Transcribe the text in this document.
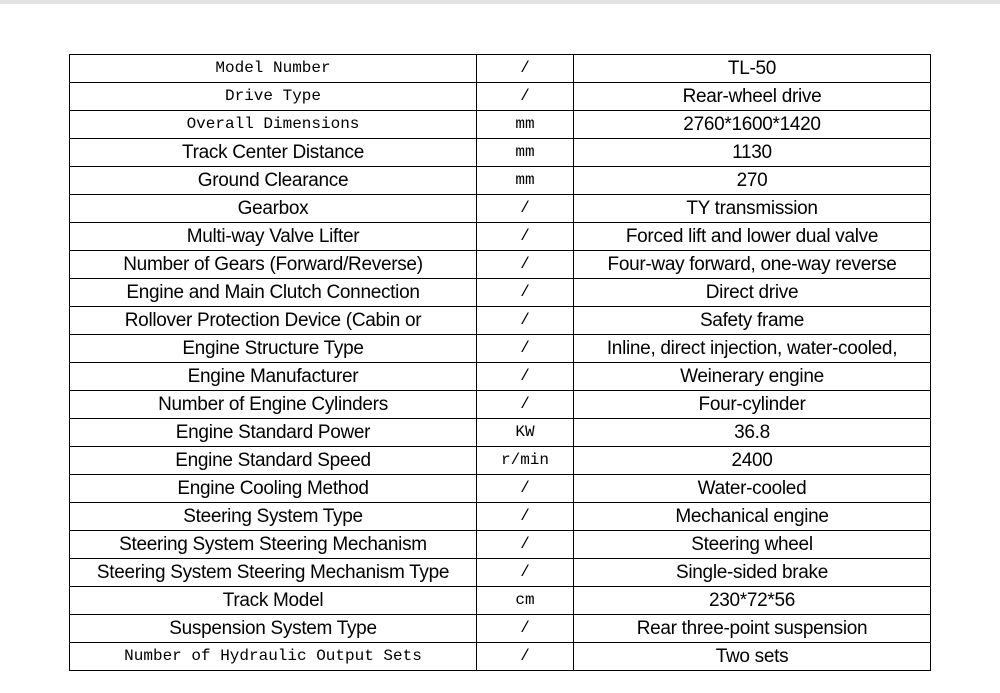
Model Number	/	TL-50
Drive Type	/	Rear-wheel drive
Overall Dimensions	mm	2760*1600*1420
Track Center Distance	mm	1130
Ground Clearance	mm	270
Gearbox	/	TY transmission
Multi-way Valve Lifter	/	Forced lift and lower dual valve
Number of Gears (Forward/Reverse)	/	Four-way forward, one-way reverse
Engine and Main Clutch Connection	/	Direct drive
Rollover Protection Device (Cabin or	/	Safety frame
Engine Structure Type	/	Inline, direct injection, water-cooled,
Engine Manufacturer	/	Weinerary engine
Number of Engine Cylinders	/	Four-cylinder
Engine Standard Power	KW	36.8
Engine Standard Speed	r/min	2400
Engine Cooling Method	/	Water-cooled
Steering System Type	/	Mechanical engine
Steering System Steering Mechanism	/	Steering wheel
Steering System Steering Mechanism Type	/	Single-sided brake
Track Model	cm	230*72*56
Suspension System Type	/	Rear three-point suspension
Number of Hydraulic Output Sets	/	Two sets
